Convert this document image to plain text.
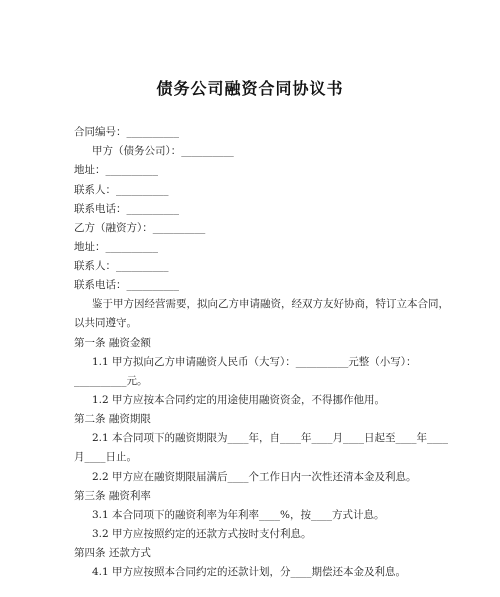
债务公司融资合同协议书
合同编号：__________
甲方（债务公司）：__________
地址：__________
联系人：__________
联系电话：__________
乙方（融资方）：__________
地址：__________
联系人：__________
联系电话：__________
鉴于甲方因经营需要，拟向乙方申请融资，经双方友好协商，特订立本合同，
以共同遵守。
第一条 融资金额
1.1 甲方拟向乙方申请融资人民币（大写）：__________元整（小写）：
__________元。
1.2 甲方应按本合同约定的用途使用融资资金，不得挪作他用。
第二条 融资期限
2.1 本合同项下的融资期限为____年，自____年____月____日起至____年____
月____日止。
2.2 甲方应在融资期限届满后____个工作日内一次性还清本金及利息。
第三条 融资利率
3.1 本合同项下的融资利率为年利率____%，按____方式计息。
3.2 甲方应按照约定的还款方式按时支付利息。
第四条 还款方式
4.1 甲方应按照本合同约定的还款计划，分____期偿还本金及利息。
